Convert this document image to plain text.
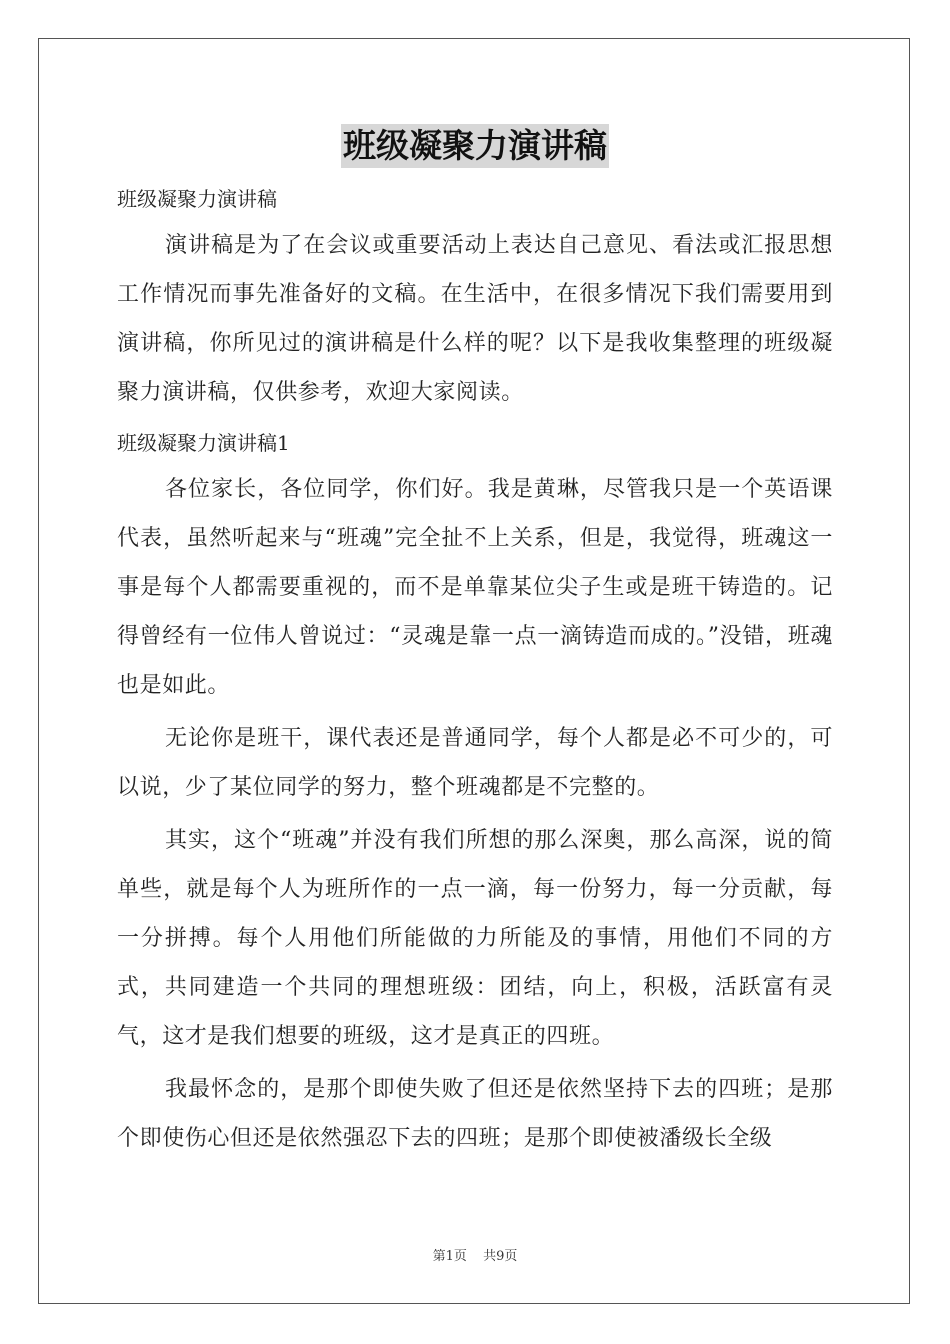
班级凝聚力演讲稿

班级凝聚力演讲稿

演讲稿是为了在会议或重要活动上表达自己意见、看法或汇报思想工作情况而事先准备好的文稿。在生活中，在很多情况下我们需要用到演讲稿，你所见过的演讲稿是什么样的呢？以下是我收集整理的班级凝聚力演讲稿，仅供参考，欢迎大家阅读。

班级凝聚力演讲稿1

各位家长，各位同学，你们好。我是黄琳，尽管我只是一个英语课代表，虽然听起来与“班魂”完全扯不上关系，但是，我觉得，班魂这一事是每个人都需要重视的，而不是单靠某位尖子生或是班干铸造的。记得曾经有一位伟人曾说过：“灵魂是靠一点一滴铸造而成的。”没错，班魂也是如此。

无论你是班干，课代表还是普通同学，每个人都是必不可少的，可以说，少了某位同学的努力，整个班魂都是不完整的。

其实，这个“班魂”并没有我们所想的那么深奥，那么高深，说的简单些，就是每个人为班所作的一点一滴，每一份努力，每一分贡献，每一分拼搏。每个人用他们所能做的力所能及的事情，用他们不同的方式，共同建造一个共同的理想班级：团结，向上，积极，活跃富有灵气，这才是我们想要的班级，这才是真正的四班。

我最怀念的，是那个即使失败了但还是依然坚持下去的四班；是那个即使伤心但还是依然强忍下去的四班；是那个即使被潘级长全级

第1页 共9页
